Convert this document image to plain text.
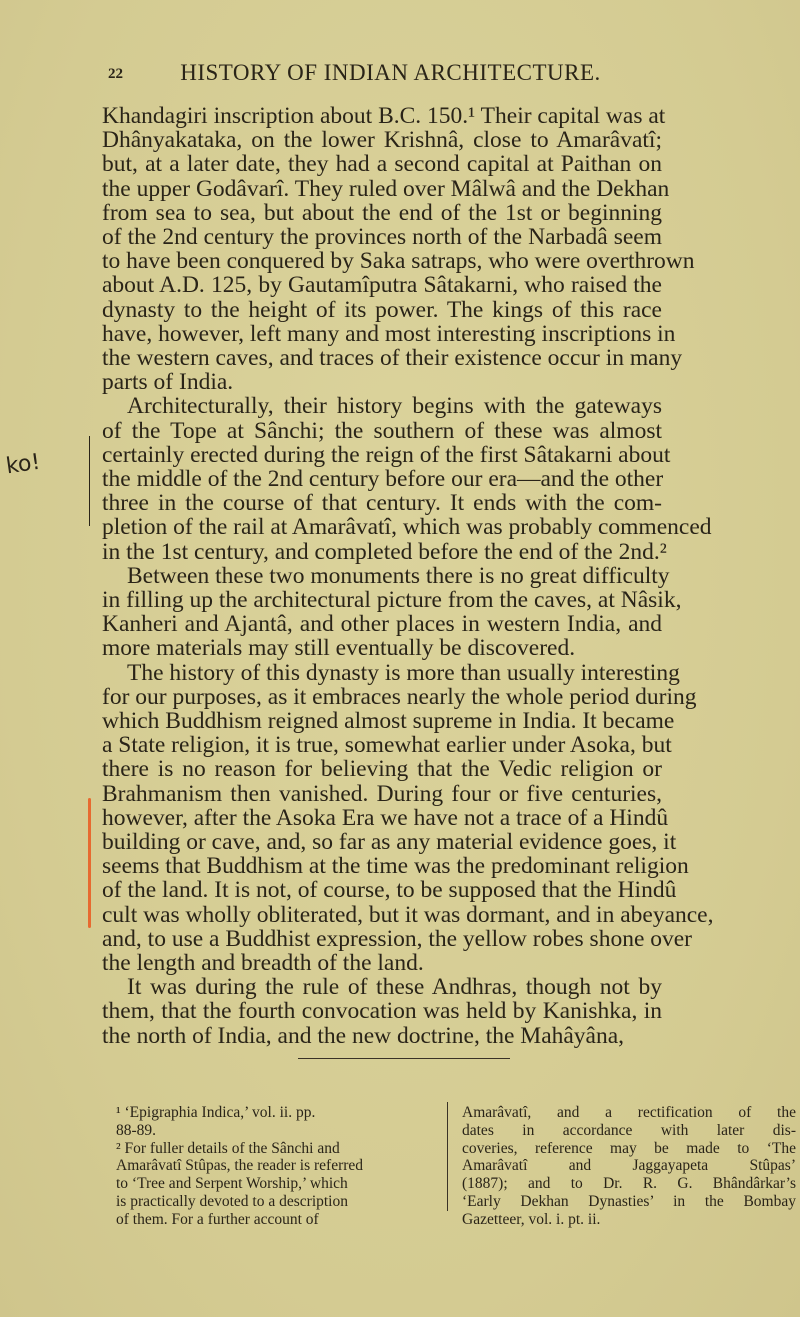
22	HISTORY OF INDIAN ARCHITECTURE.
ko!
Khandagiri inscription about B.C. 150.¹ Their capital was at
Dhânyakataka, on the lower Krishnâ, close to Amarâvatî;
but, at a later date, they had a second capital at Paithan on
the upper Godâvarî. They ruled over Mâlwâ and the Dekhan
from sea to sea, but about the end of the 1st or beginning
of the 2nd century the provinces north of the Narbadâ seem
to have been conquered by Saka satraps, who were overthrown
about A.D. 125, by Gautamîputra Sâtakarni, who raised the
dynasty to the height of its power. The kings of this race
have, however, left many and most interesting inscriptions in
the western caves, and traces of their existence occur in many
parts of India.
Architecturally, their history begins with the gateways
of the Tope at Sânchi; the southern of these was almost
certainly erected during the reign of the first Sâtakarni about
the middle of the 2nd century before our era—and the other
three in the course of that century. It ends with the com-
pletion of the rail at Amarâvatî, which was probably commenced
in the 1st century, and completed before the end of the 2nd.²
Between these two monuments there is no great difficulty
in filling up the architectural picture from the caves, at Nâsik,
Kanheri and Ajantâ, and other places in western India, and
more materials may still eventually be discovered.
The history of this dynasty is more than usually interesting
for our purposes, as it embraces nearly the whole period during
which Buddhism reigned almost supreme in India. It became
a State religion, it is true, somewhat earlier under Asoka, but
there is no reason for believing that the Vedic religion or
Brahmanism then vanished. During four or five centuries,
however, after the Asoka Era we have not a trace of a Hindû
building or cave, and, so far as any material evidence goes, it
seems that Buddhism at the time was the predominant religion
of the land. It is not, of course, to be supposed that the Hindû
cult was wholly obliterated, but it was dormant, and in abeyance,
and, to use a Buddhist expression, the yellow robes shone over
the length and breadth of the land.
It was during the rule of these Andhras, though not by
them, that the fourth convocation was held by Kanishka, in
the north of India, and the new doctrine, the Mahâyâna,
¹ ‘Epigraphia Indica,’ vol. ii. pp.
88-89.
² For fuller details of the Sânchi and
Amarâvatî Stûpas, the reader is referred
to ‘Tree and Serpent Worship,’ which
is practically devoted to a description
of them. For a further account of
Amarâvatî, and a rectification of the
dates in accordance with later dis-
coveries, reference may be made to ‘The
Amarâvatî and Jaggayapeta Stûpas’
(1887); and to Dr. R. G. Bhândârkar’s
‘Early Dekhan Dynasties’ in the Bombay
Gazetteer, vol. i. pt. ii.
